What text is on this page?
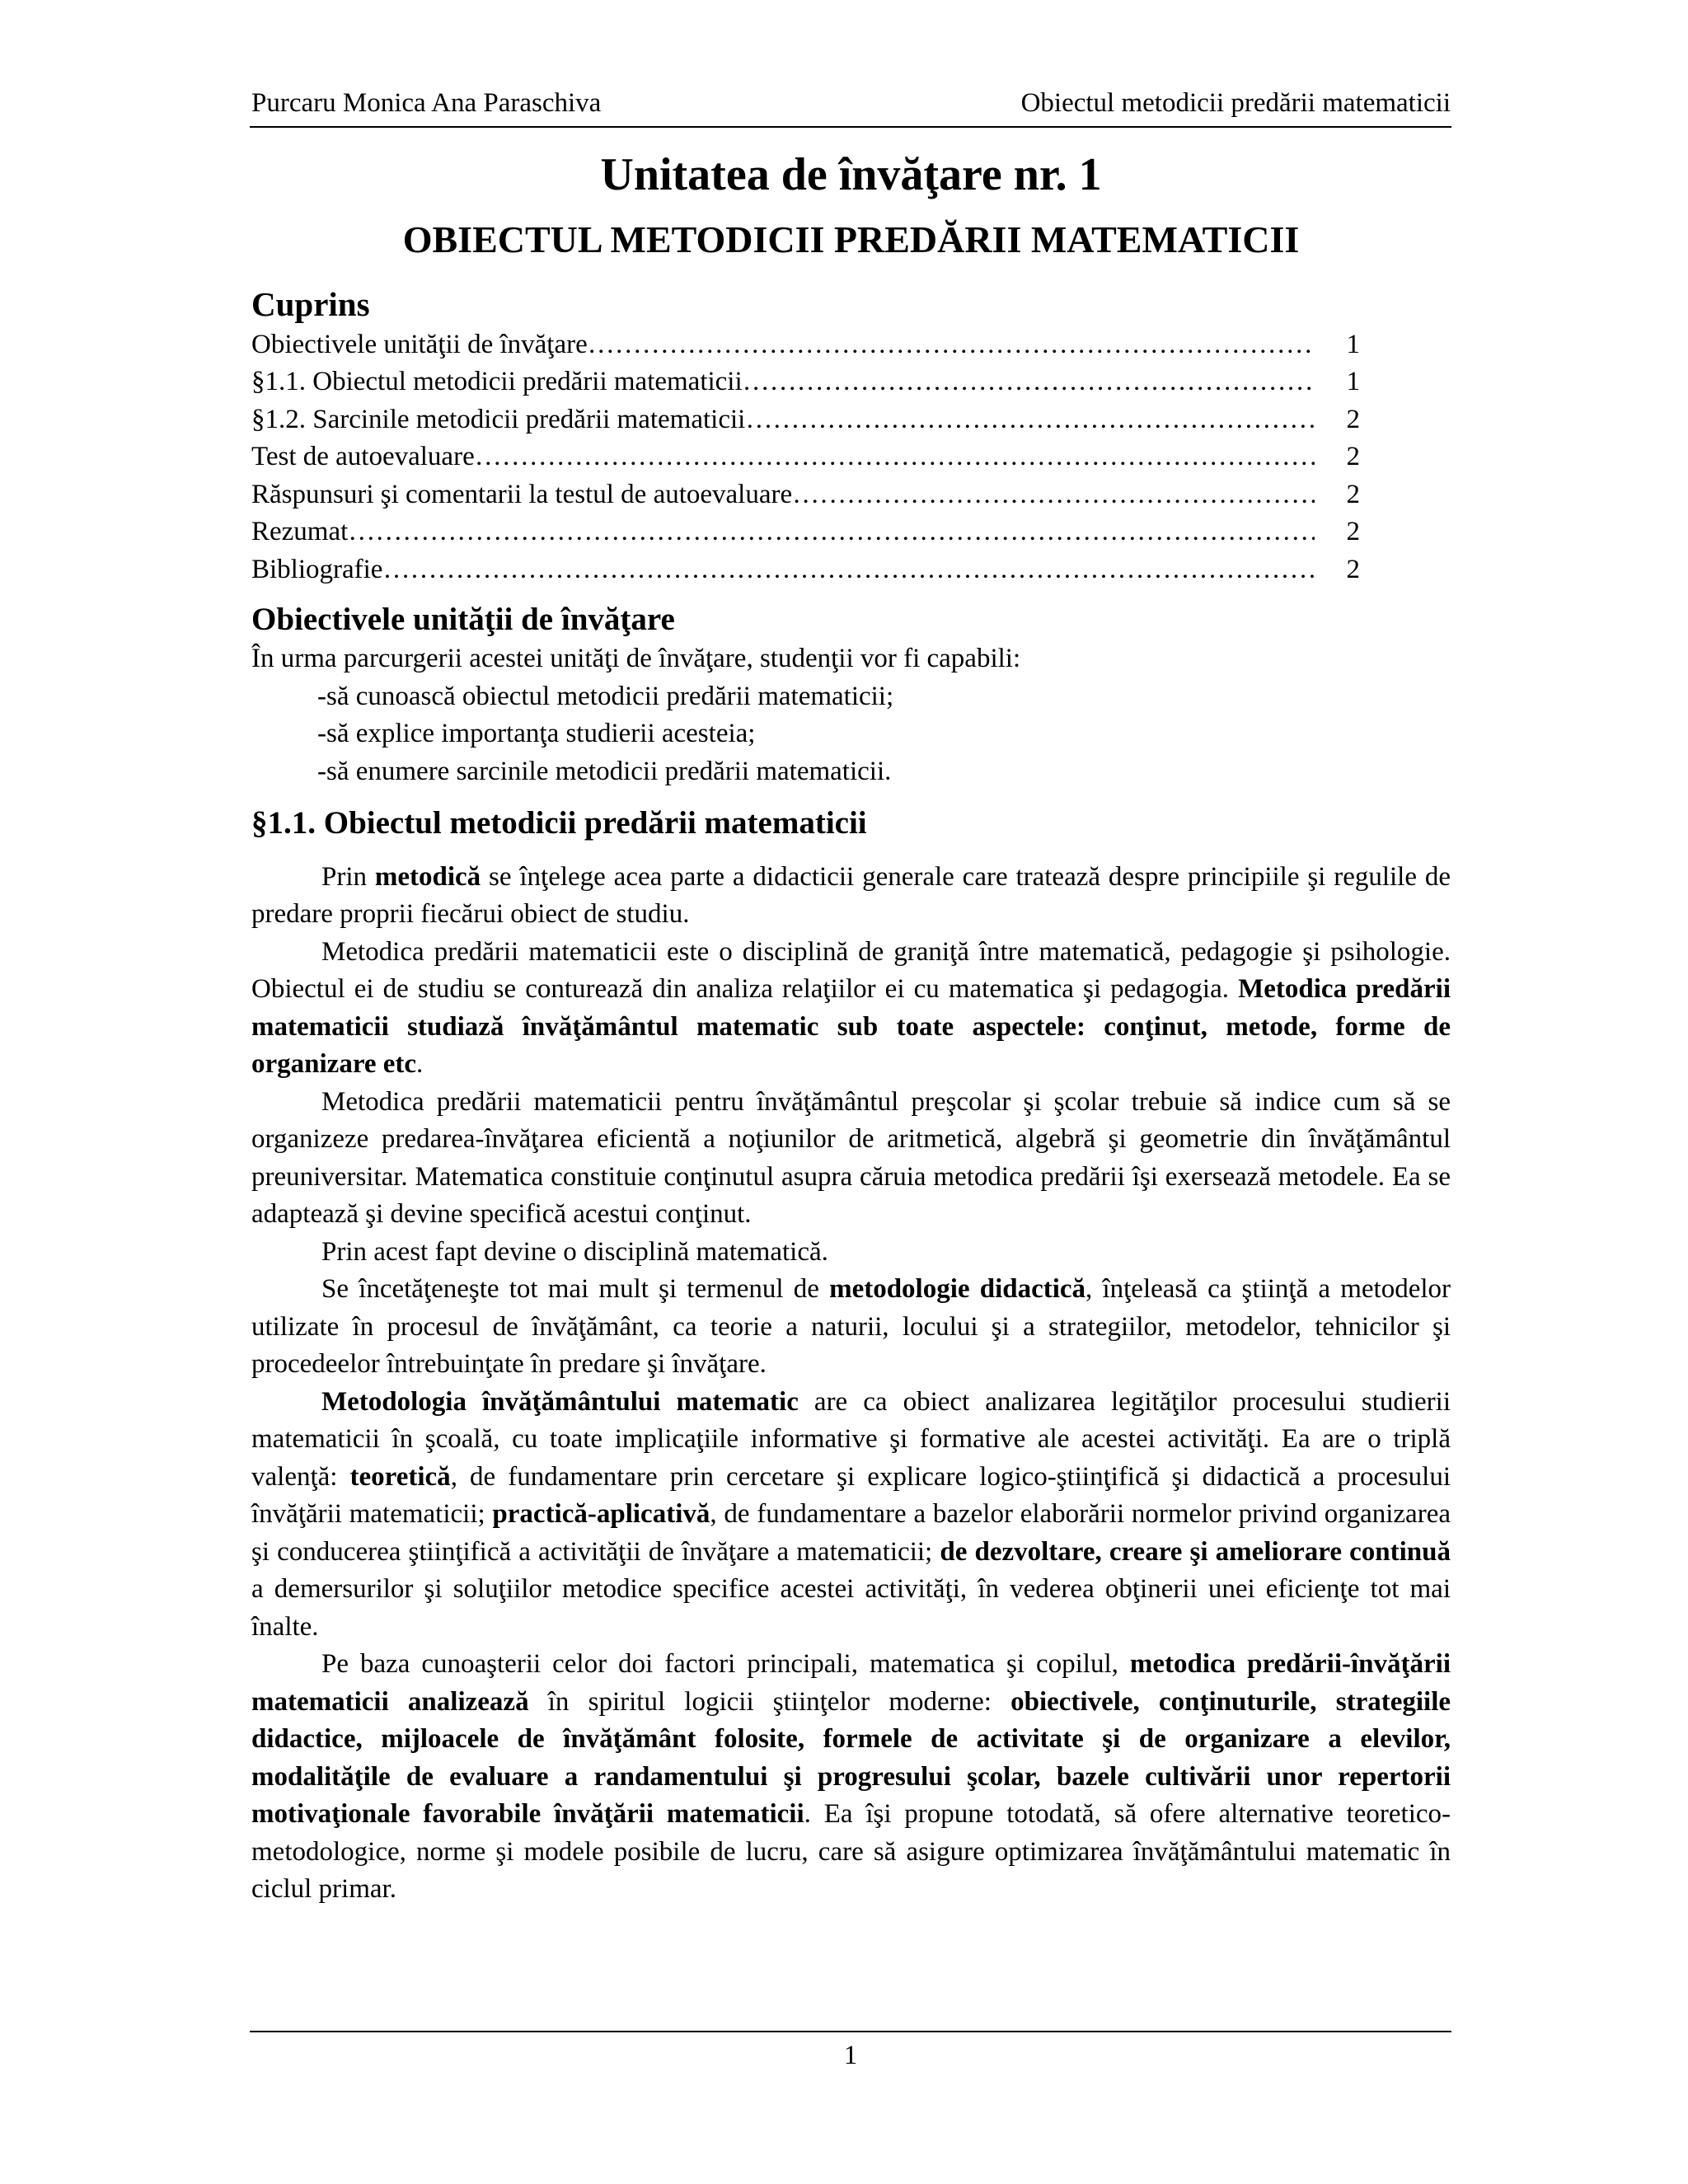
Purcaru Monica Ana Paraschiva	Obiectul metodicii predării matematicii
Unitatea de învăţare nr. 1
OBIECTUL METODICII PREDĂRII MATEMATICII
Cuprins
Obiectivele unităţii de învăţare ……………………………………………………………………………………………………………………………………………………	1
§1.1. Obiectul metodicii predării matematicii ……………………………………………………………………………………………………………………………………………………	1
§1.2. Sarcinile metodicii predării matematicii ……………………………………………………………………………………………………………………………………………………	2
Test de autoevaluare ……………………………………………………………………………………………………………………………………………………	2
Răspunsuri şi comentarii la testul de autoevaluare ……………………………………………………………………………………………………………………………………………………	2
Rezumat ……………………………………………………………………………………………………………………………………………………	2
Bibliografie ……………………………………………………………………………………………………………………………………………………	2
Obiectivele unităţii de învăţare

În urma parcurgerii acestei unităţi de învăţare, studenţii vor fi capabili:

-să cunoască obiectul metodicii predării matematicii;
-să explice importanţa studierii acesteia;
-să enumere sarcinile metodicii predării matematicii.
§1.1. Obiectul metodicii predării matematicii

Prin metodică se înţelege acea parte a didacticii generale care tratează despre principiile şi regulile de predare proprii fiecărui obiect de studiu.

Metodica predării matematicii este o disciplină de graniţă între matematică, pedagogie şi psihologie. Obiectul ei de studiu se conturează din analiza relaţiilor ei cu matematica şi pedagogia. Metodica predării matematicii studiază învăţământul matematic sub toate aspectele: conţinut, metode, forme de organizare etc.

Metodica predării matematicii pentru învăţământul preşcolar şi şcolar trebuie să indice cum să se organizeze predarea-învăţarea eficientă a noţiunilor de aritmetică, algebră şi geometrie din învăţământul preuniversitar. Matematica constituie conţinutul asupra căruia metodica predării îşi exersează metodele. Ea se adaptează şi devine specifică acestui conţinut.

Prin acest fapt devine o disciplină matematică.

Se încetăţeneşte tot mai mult şi termenul de metodologie didactică, înţeleasă ca ştiinţă a metodelor utilizate în procesul de învăţământ, ca teorie a naturii, locului şi a strategiilor, metodelor, tehnicilor şi procedeelor întrebuinţate în predare şi învăţare.

Metodologia învăţământului matematic are ca obiect analizarea legităţilor procesului studierii matematicii în şcoală, cu toate implicaţiile informative şi formative ale acestei activităţi. Ea are o triplă valenţă: teoretică, de fundamentare prin cercetare şi explicare logico-ştiinţifică şi didactică a procesului învăţării matematicii; practică-aplicativă, de fundamentare a bazelor elaborării normelor privind organizarea şi conducerea ştiinţifică a activităţii de învăţare a matematicii; de dezvoltare, creare şi ameliorare continuă a demersurilor şi soluţiilor metodice specifice acestei activităţi, în vederea obţinerii unei eficienţe tot mai înalte.

Pe baza cunoaşterii celor doi factori principali, matematica şi copilul, metodica predării-învăţării matematicii analizează în spiritul logicii ştiinţelor moderne: obiectivele, conţinuturile, strategiile didactice, mijloacele de învăţământ folosite, formele de activitate şi de organizare a elevilor, modalităţile de evaluare a randamentului şi progresului şcolar, bazele cultivării unor repertorii motivaţionale favorabile învăţării matematicii. Ea îşi propune totodată, să ofere alternative teoretico-metodologice, norme şi modele posibile de lucru, care să asigure optimizarea învăţământului matematic în ciclul primar.

1
